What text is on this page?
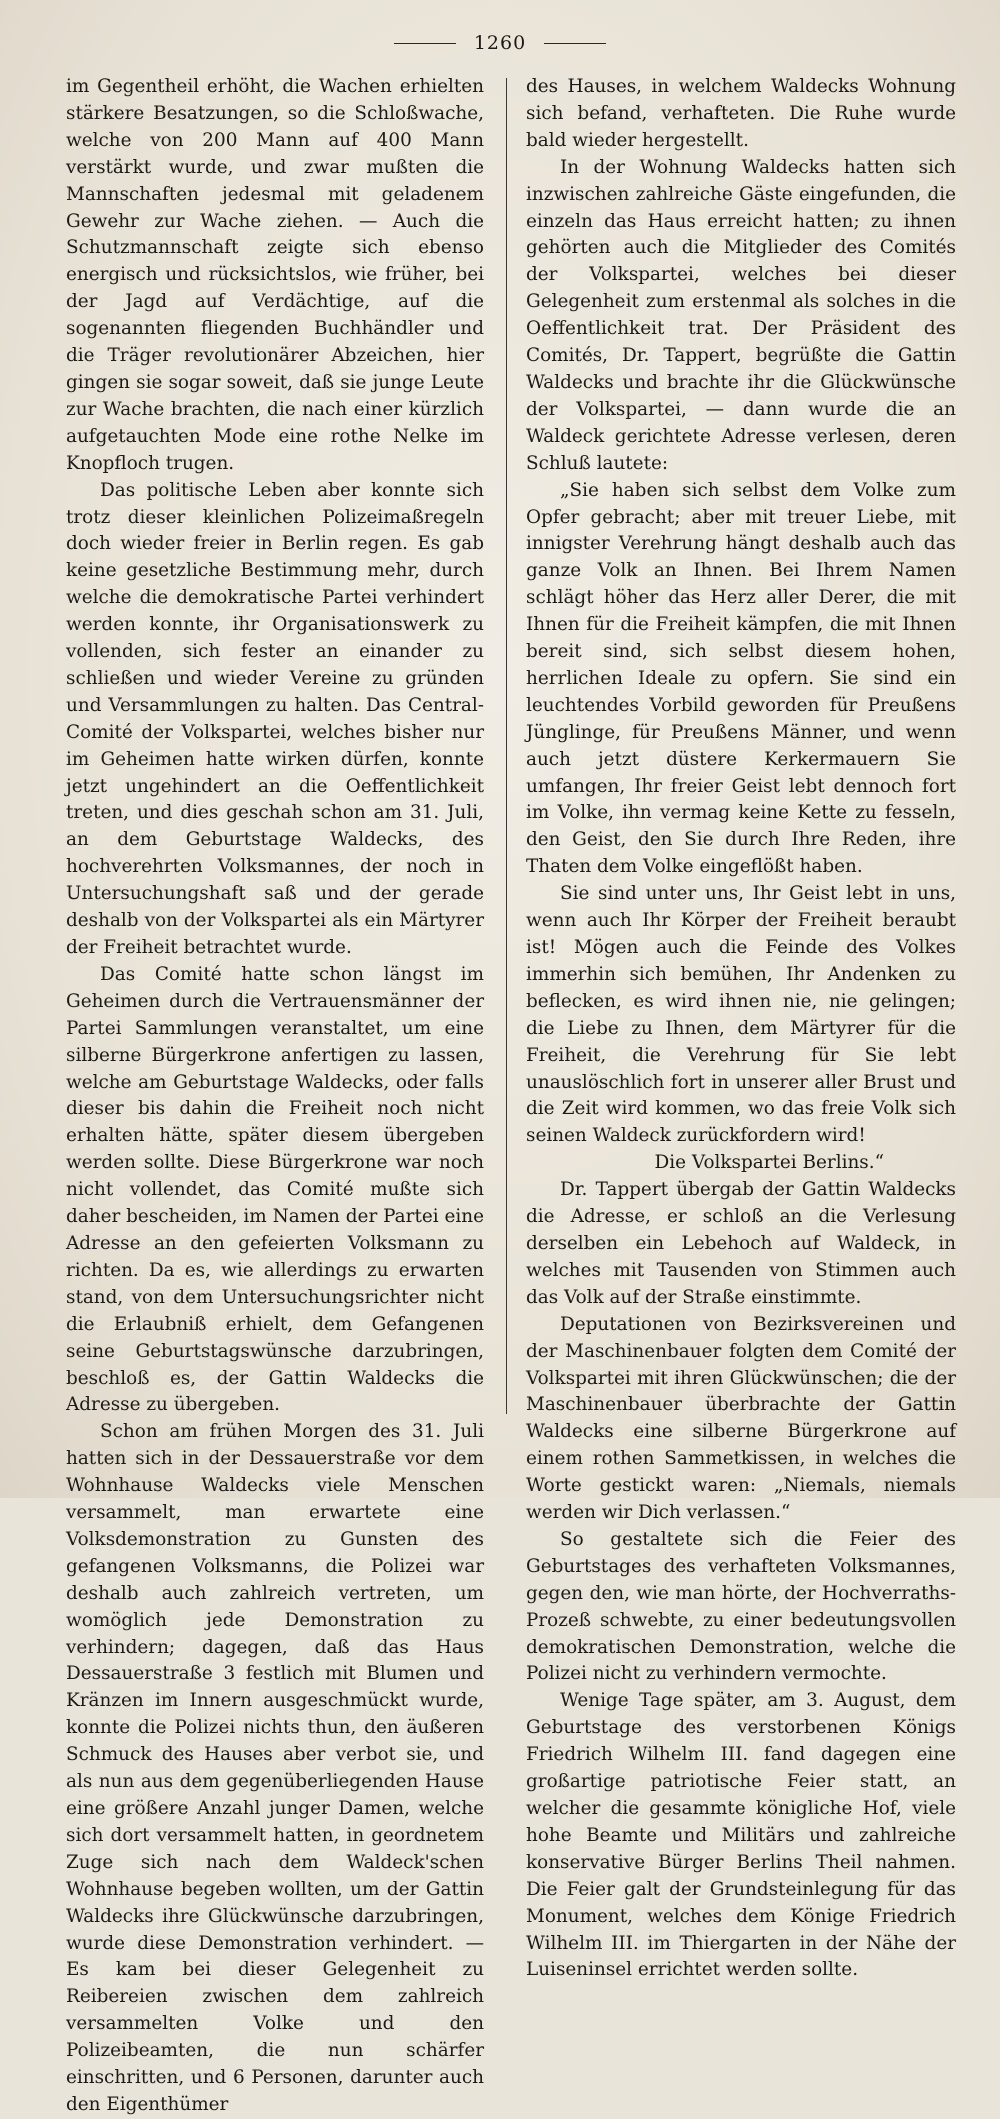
1260

im Gegentheil erhöht, die Wachen erhielten stärkere Besatzungen, so die Schloßwache, welche von 200 Mann auf 400 Mann verstärkt wurde, und zwar mußten die Mannschaften jedesmal mit geladenem Gewehr zur Wache ziehen. — Auch die Schutzmannschaft zeigte sich ebenso energisch und rücksichtslos, wie früher, bei der Jagd auf Verdächtige, auf die sogenannten fliegenden Buchhändler und die Träger revolutionärer Abzeichen, hier gingen sie sogar soweit, daß sie junge Leute zur Wache brachten, die nach einer kürzlich aufgetauchten Mode eine rothe Nelke im Knopfloch trugen.

Das politische Leben aber konnte sich trotz dieser kleinlichen Polizeimaßregeln doch wieder freier in Berlin regen. Es gab keine gesetzliche Bestimmung mehr, durch welche die demokratische Partei verhindert werden konnte, ihr Organisationswerk zu vollenden, sich fester an einander zu schließen und wieder Vereine zu gründen und Versammlungen zu halten. Das Central-Comité der Volkspartei, welches bisher nur im Geheimen hatte wirken dürfen, konnte jetzt ungehindert an die Oeffentlichkeit treten, und dies geschah schon am 31. Juli, an dem Geburtstage Waldecks, des hochverehrten Volksmannes, der noch in Untersuchungshaft saß und der gerade deshalb von der Volkspartei als ein Märtyrer der Freiheit betrachtet wurde.

Das Comité hatte schon längst im Geheimen durch die Vertrauensmänner der Partei Sammlungen veranstaltet, um eine silberne Bürgerkrone anfertigen zu lassen, welche am Geburtstage Waldecks, oder falls dieser bis dahin die Freiheit noch nicht erhalten hätte, später diesem übergeben werden sollte. Diese Bürgerkrone war noch nicht vollendet, das Comité mußte sich daher bescheiden, im Namen der Partei eine Adresse an den gefeierten Volksmann zu richten. Da es, wie allerdings zu erwarten stand, von dem Untersuchungsrichter nicht die Erlaubniß erhielt, dem Gefangenen seine Geburtstagswünsche darzubringen, beschloß es, der Gattin Waldecks die Adresse zu übergeben.

Schon am frühen Morgen des 31. Juli hatten sich in der Dessauerstraße vor dem Wohnhause Waldecks viele Menschen versammelt, man erwartete eine Volksdemonstration zu Gunsten des gefangenen Volksmanns, die Polizei war deshalb auch zahlreich vertreten, um womöglich jede Demonstration zu verhindern; dagegen, daß das Haus Dessauerstraße 3 festlich mit Blumen und Kränzen im Innern ausgeschmückt wurde, konnte die Polizei nichts thun, den äußeren Schmuck des Hauses aber verbot sie, und als nun aus dem gegenüberliegenden Hause eine größere Anzahl junger Damen, welche sich dort versammelt hatten, in geordnetem Zuge sich nach dem Waldeck'schen Wohnhause begeben wollten, um der Gattin Waldecks ihre Glückwünsche darzubringen, wurde diese Demonstration verhindert. — Es kam bei dieser Gelegenheit zu Reibereien zwischen dem zahlreich versammelten Volke und den Polizeibeamten, die nun schärfer einschritten, und 6 Personen, darunter auch den Eigenthümer

des Hauses, in welchem Waldecks Wohnung sich befand, verhafteten. Die Ruhe wurde bald wieder hergestellt.

In der Wohnung Waldecks hatten sich inzwischen zahlreiche Gäste eingefunden, die einzeln das Haus erreicht hatten; zu ihnen gehörten auch die Mitglieder des Comités der Volkspartei, welches bei dieser Gelegenheit zum erstenmal als solches in die Oeffentlichkeit trat. Der Präsident des Comités, Dr. Tappert, begrüßte die Gattin Waldecks und brachte ihr die Glückwünsche der Volkspartei, — dann wurde die an Waldeck gerichtete Adresse verlesen, deren Schluß lautete:

„Sie haben sich selbst dem Volke zum Opfer gebracht; aber mit treuer Liebe, mit innigster Verehrung hängt deshalb auch das ganze Volk an Ihnen. Bei Ihrem Namen schlägt höher das Herz aller Derer, die mit Ihnen für die Freiheit kämpfen, die mit Ihnen bereit sind, sich selbst diesem hohen, herrlichen Ideale zu opfern. Sie sind ein leuchtendes Vorbild geworden für Preußens Jünglinge, für Preußens Männer, und wenn auch jetzt düstere Kerkermauern Sie umfangen, Ihr freier Geist lebt dennoch fort im Volke, ihn vermag keine Kette zu fesseln, den Geist, den Sie durch Ihre Reden, ihre Thaten dem Volke eingeflößt haben.

Sie sind unter uns, Ihr Geist lebt in uns, wenn auch Ihr Körper der Freiheit beraubt ist! Mögen auch die Feinde des Volkes immerhin sich bemühen, Ihr Andenken zu beflecken, es wird ihnen nie, nie gelingen; die Liebe zu Ihnen, dem Märtyrer für die Freiheit, die Verehrung für Sie lebt unauslöschlich fort in unserer aller Brust und die Zeit wird kommen, wo das freie Volk sich seinen Waldeck zurückfordern wird!

Die Volkspartei Berlins.“

Dr. Tappert übergab der Gattin Waldecks die Adresse, er schloß an die Verlesung derselben ein Lebehoch auf Waldeck, in welches mit Tausenden von Stimmen auch das Volk auf der Straße einstimmte.

Deputationen von Bezirksvereinen und der Maschinenbauer folgten dem Comité der Volkspartei mit ihren Glückwünschen; die der Maschinenbauer überbrachte der Gattin Waldecks eine silberne Bürgerkrone auf einem rothen Sammetkissen, in welches die Worte gestickt waren: „Niemals, niemals werden wir Dich verlassen.“

So gestaltete sich die Feier des Geburtstages des verhafteten Volksmannes, gegen den, wie man hörte, der Hochverraths-Prozeß schwebte, zu einer bedeutungsvollen demokratischen Demonstration, welche die Polizei nicht zu verhindern vermochte.

Wenige Tage später, am 3. August, dem Geburtstage des verstorbenen Königs Friedrich Wilhelm III. fand dagegen eine großartige patriotische Feier statt, an welcher die gesammte königliche Hof, viele hohe Beamte und Militärs und zahlreiche konservative Bürger Berlins Theil nahmen. Die Feier galt der Grundsteinlegung für das Monument, welches dem Könige Friedrich Wilhelm III. im Thiergarten in der Nähe der Luiseninsel errichtet werden sollte.
